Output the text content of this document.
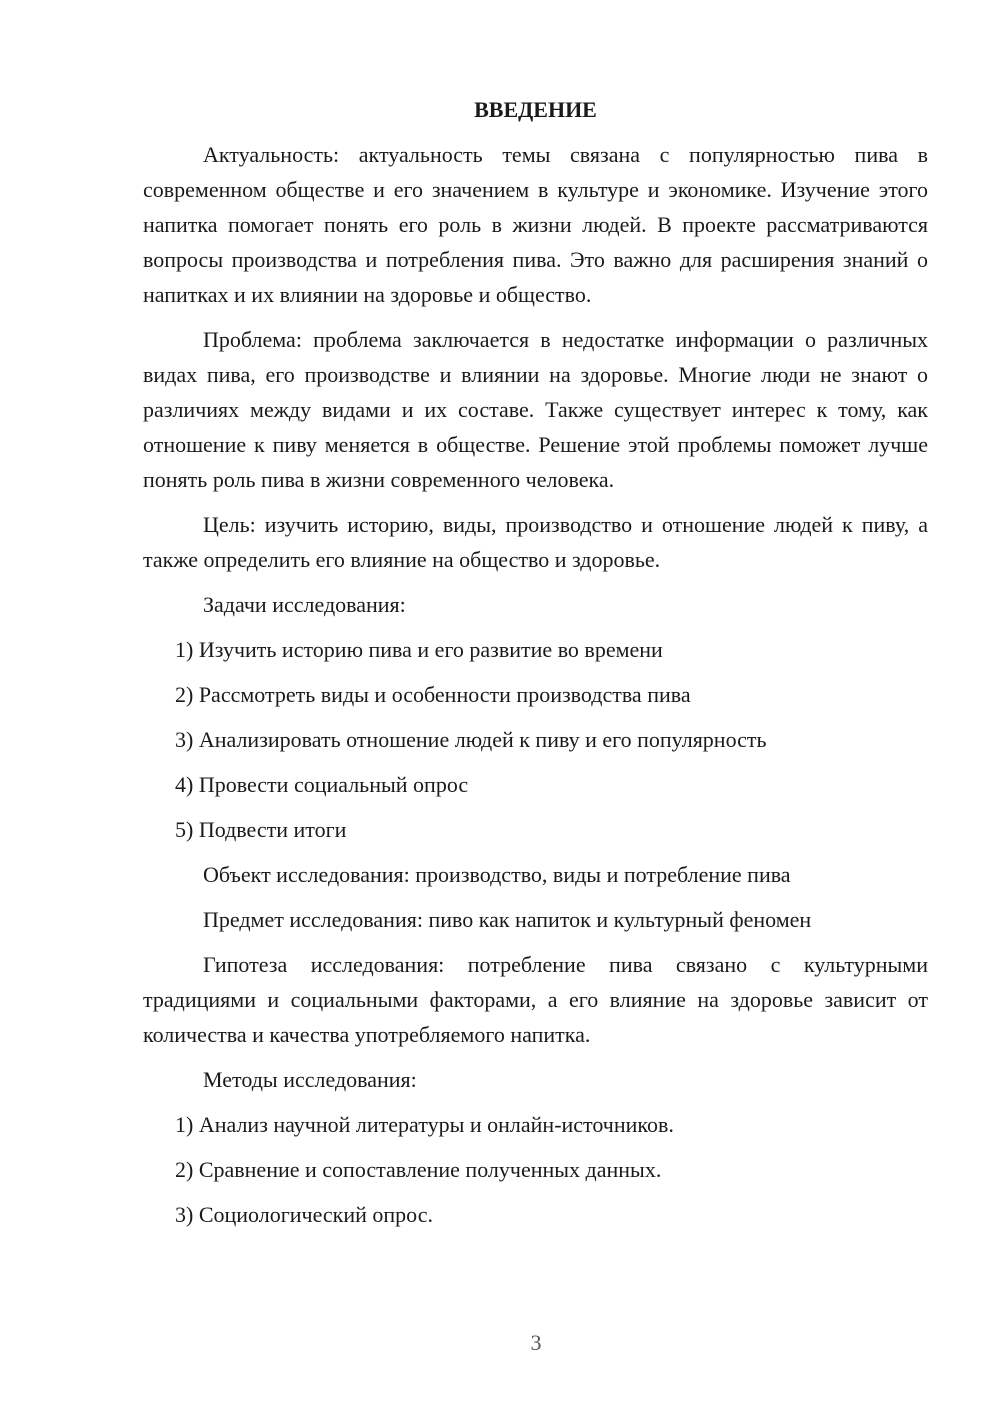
ВВЕДЕНИЕ

Актуальность: актуальность темы связана с популярностью пива в современном обществе и его значением в культуре и экономике. Изучение этого напитка помогает понять его роль в жизни людей. В проекте рассматриваются вопросы производства и потребления пива. Это важно для расширения знаний о напитках и их влиянии на здоровье и общество.

Проблема: проблема заключается в недостатке информации о различных видах пива, его производстве и влиянии на здоровье. Многие люди не знают о различиях между видами и их составе. Также существует интерес к тому, как отношение к пиву меняется в обществе. Решение этой проблемы поможет лучше понять роль пива в жизни современного человека.

Цель: изучить историю, виды, производство и отношение людей к пиву, а также определить его влияние на общество и здоровье.

Задачи исследования:
1) Изучить историю пива и его развитие во времени
2) Рассмотреть виды и особенности производства пива
3) Анализировать отношение людей к пиву и его популярность
4) Провести социальный опрос
5) Подвести итоги
Объект исследования: производство, виды и потребление пива
Предмет исследования: пиво как напиток и культурный феномен

Гипотеза исследования: потребление пива связано с культурными традициями и социальными факторами, а его влияние на здоровье зависит от количества и качества употребляемого напитка.

Методы исследования:
1) Анализ научной литературы и онлайн-источников.
2) Сравнение и сопоставление полученных данных.
3) Социологический опрос.
3
